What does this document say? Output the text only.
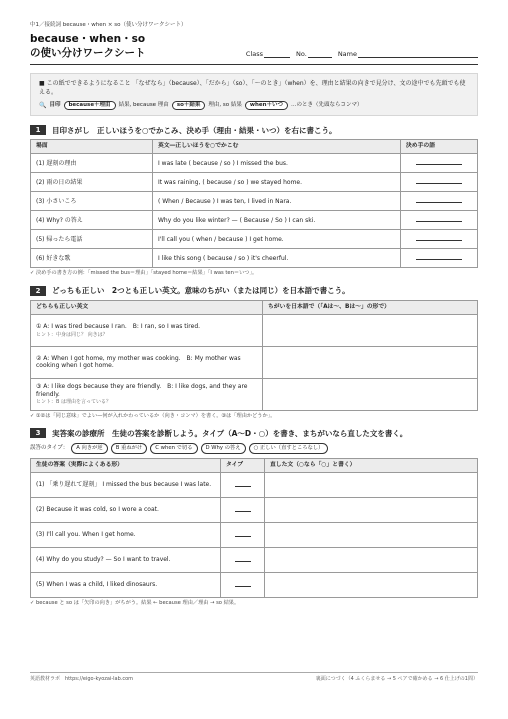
中1／接続詞 because・when × so（使い分けワークシート）
because・when・so
の使い分けワークシート	Class	No.	Name
■ この紙でできるようになること 「なぜなら」（because）、「だから」（so）、「〜のとき」（when）を、理由と結果の向きで見分け、文の途中でも先頭でも使える。
🔍 目印	because＋理由	結果, because 理由	so＋結果	理由, so 結果	when＋いつ	…のとき（先頭ならコンマ）
1	目印さがし　正しいほうを○でかこみ、決め手（理由・結果・いつ）を右に書こう。
場面	英文―正しいほうを○でかこむ	決め手の語
(1) 遅刻の理由	I was late ( because / so ) I missed the bus.	
(2) 雨の日の結果	It was raining, ( because / so ) we stayed home.	
(3) 小さいころ	( When / Because ) I was ten, I lived in Nara.	
(4) Why? の答え	Why do you like winter? — ( Because / So ) I can ski.	
(5) 帰ったら電話	I'll call you ( when / because ) I get home.	
(6) 好きな歌	I like this song ( because / so ) it's cheerful.	
✓ 決め手の書き方の例：「missed the bus＝理由」「stayed home＝結果」「I was ten＝いつ」。
2	どっちも正しい　2つとも正しい英文。意味のちがい（または同じ）を日本語で書こう。
どちらも正しい英文	ちがいを日本語で（「Aは〜、Bは〜」の形で）
① A: I was tired because I ran.　B: I ran, so I was tired.
ヒント：中身は同じ？ 向きは？	

② A: When I got home, my mother was cooking.　B: My mother was cooking when I got home.	
③ A: I like dogs because they are friendly.　B: I like dogs, and they are friendly.
ヒント：B は理由を言っている？	

✓ ①②は「同じ意味」でよい—何が入れかわっているか（向き・コンマ）を書く。③は「理由かどうか」。
3	実答案の診療所　生徒の答案を診断しよう。タイプ（A〜D・○）を書き、まちがいなら直した文を書く。
誤答のタイプ：	A 向きが逆	B 重ねがけ	C when で切る	D Why の答え	○ 正しい（直すところなし）
生徒の答案（実際によくある形）	タイプ	直した文（○なら「○」と書く）
(1) 「乗り遅れて遅刻」 I missed the bus because I was late.		
(2) Because it was cold, so I wore a coat.		
(3) I'll call you. When I get home.		
(4) Why do you study? — So I want to travel.		
(5) When I was a child, I liked dinosaurs.		
✓ because と so は「矢印の向き」がちがう。結果 ← because 理由／理由 → so 結果。
英語教材ラボ　https://eigo-kyozai-lab.com	裏面につづく（4 ふくらませる → 5 ペアで確かめる → 6 仕上げの1問）
